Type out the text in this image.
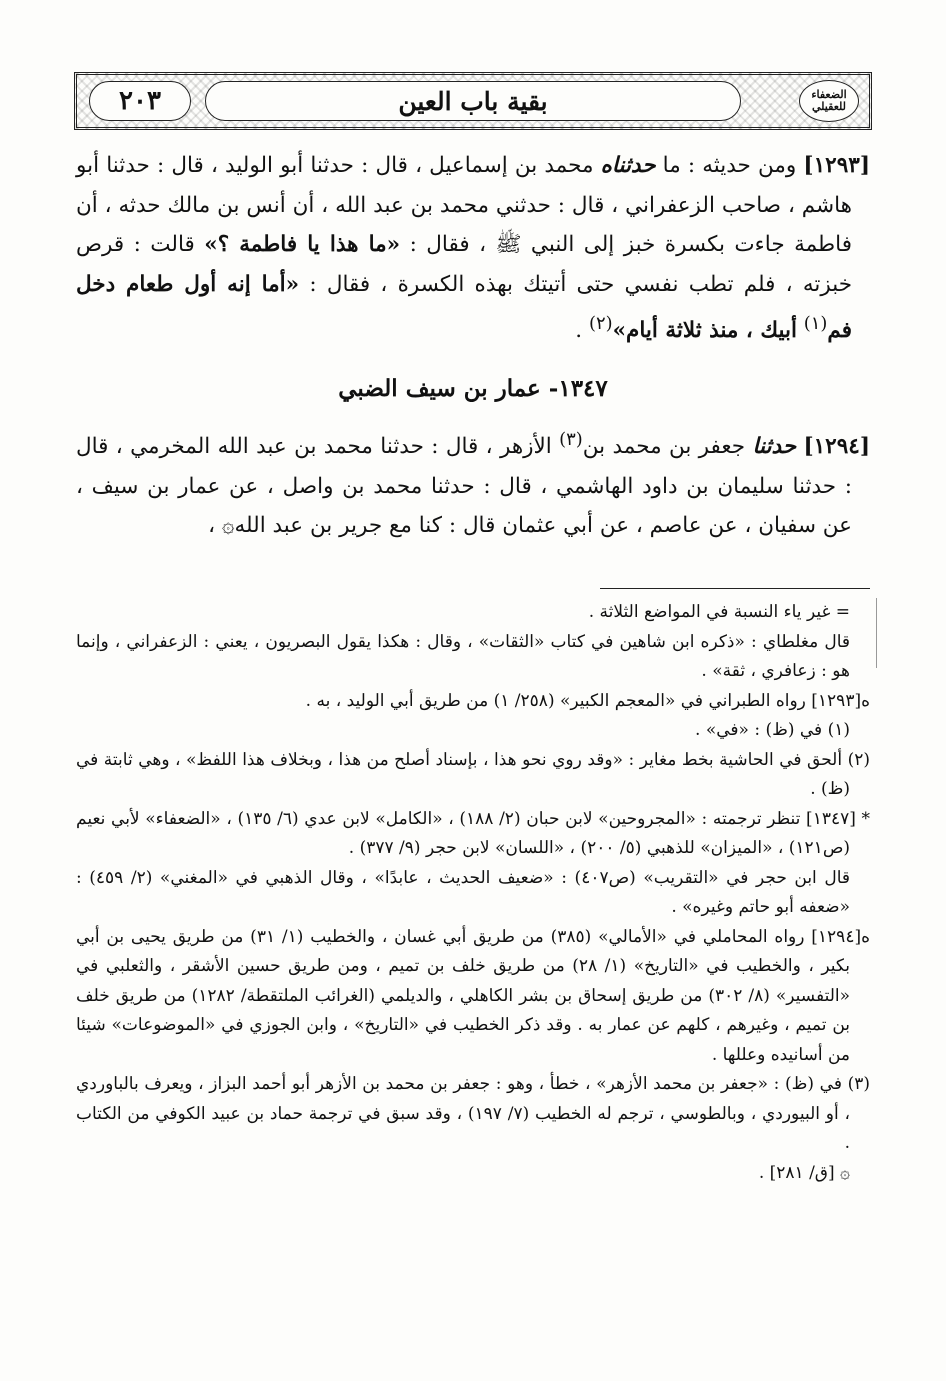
٢٠٣	بقية باب العين	الضعفاء
للعقيلي

[١٢٩٣] ومن حديثه : ما حدثناه محمد بن إسماعيل ، قال : حدثنا أبو الوليد ، قال : حدثنا أبو هاشم ، صاحب الزعفراني ، قال : حدثني محمد بن عبد الله ، أن أنس بن مالك حدثه ، أن فاطمة جاءت بكسرة خبز إلى النبي ﷺ ، فقال : «ما هذا يا فاطمة ؟» قالت : قرص خبزته ، فلم تطب نفسي حتى أتيتك بهذه الكسرة ، فقال : «أما إنه أول طعام دخل فم$^{(١)}$ أبيك ، منذ ثلاثة أيام»$^{(٢)}$ .

١٣٤٧- عمار بن سيف الضبي

[١٢٩٤] حدثنا جعفر بن محمد بن$^{(٣)}$ الأزهر ، قال : حدثنا محمد بن عبد الله المخرمي ، قال : حدثنا سليمان بن داود الهاشمي ، قال : حدثنا محمد بن واصل ، عن عمار بن سيف ، عن سفيان ، عن عاصم ، عن أبي عثمان قال : كنا مع جرير بن عبد الله۞ ،

= غير ياء النسبة في المواضع الثلاثة .

قال مغلطاي : «ذكره ابن شاهين في كتاب «الثقات» ، وقال : هكذا يقول البصريون ، يعني : الزعفراني ، وإنما هو : زعافري ، ثقة» .

ه[١٢٩٣] رواه الطبراني في «المعجم الكبير» (٢٥٨/ ١) من طريق أبي الوليد ، به .

(١) في (ظ) : «في» .

(٢) ألحق في الحاشية بخط مغاير : «وقد روي نحو هذا ، بإسناد أصلح من هذا ، وبخلاف هذا اللفظ» ، وهي ثابتة في (ظ) .

* [١٣٤٧] تنظر ترجمته : «المجروحين» لابن حبان (٢/ ١٨٨) ، «الكامل» لابن عدي (٦/ ١٣٥) ، «الضعفاء» لأبي نعيم (ص١٢١) ، «الميزان» للذهبي (٥/ ٢٠٠) ، «اللسان» لابن حجر (٩/ ٣٧٧) .

قال ابن حجر في «التقريب» (ص٤٠٧) : «ضعيف الحديث ، عابدًا» ، وقال الذهبي في «المغني» (٢/ ٤٥٩) : «ضعفه أبو حاتم وغيره» .

ه[١٢٩٤] رواه المحاملي في «الأمالي» (٣٨٥) من طريق أبي غسان ، والخطيب (١/ ٣١) من طريق يحيى بن أبي بكير ، والخطيب في «التاريخ» (١/ ٢٨) من طريق خلف بن تميم ، ومن طريق حسين الأشقر ، والثعلبي في «التفسير» (٨/ ٣٠٢) من طريق إسحاق بن بشر الكاهلي ، والديلمي (الغرائب الملتقطة/ ١٢٨٢) من طريق خلف بن تميم ، وغيرهم ، كلهم عن عمار به . وقد ذكر الخطيب في «التاريخ» ، وابن الجوزي في «الموضوعات» شيئا من أسانيده وعللها .

(٣) في (ظ) : «جعفر بن محمد الأزهر» ، خطأ ، وهو : جعفر بن محمد بن الأزهر أبو أحمد البزاز ، ويعرف بالباوردي ، أو البيوردي ، وبالطوسي ، ترجم له الخطيب (٧/ ١٩٧) ، وقد سبق في ترجمة حماد بن عبيد الكوفي من الكتاب .

۞ [ق/ ٢٨١] .
